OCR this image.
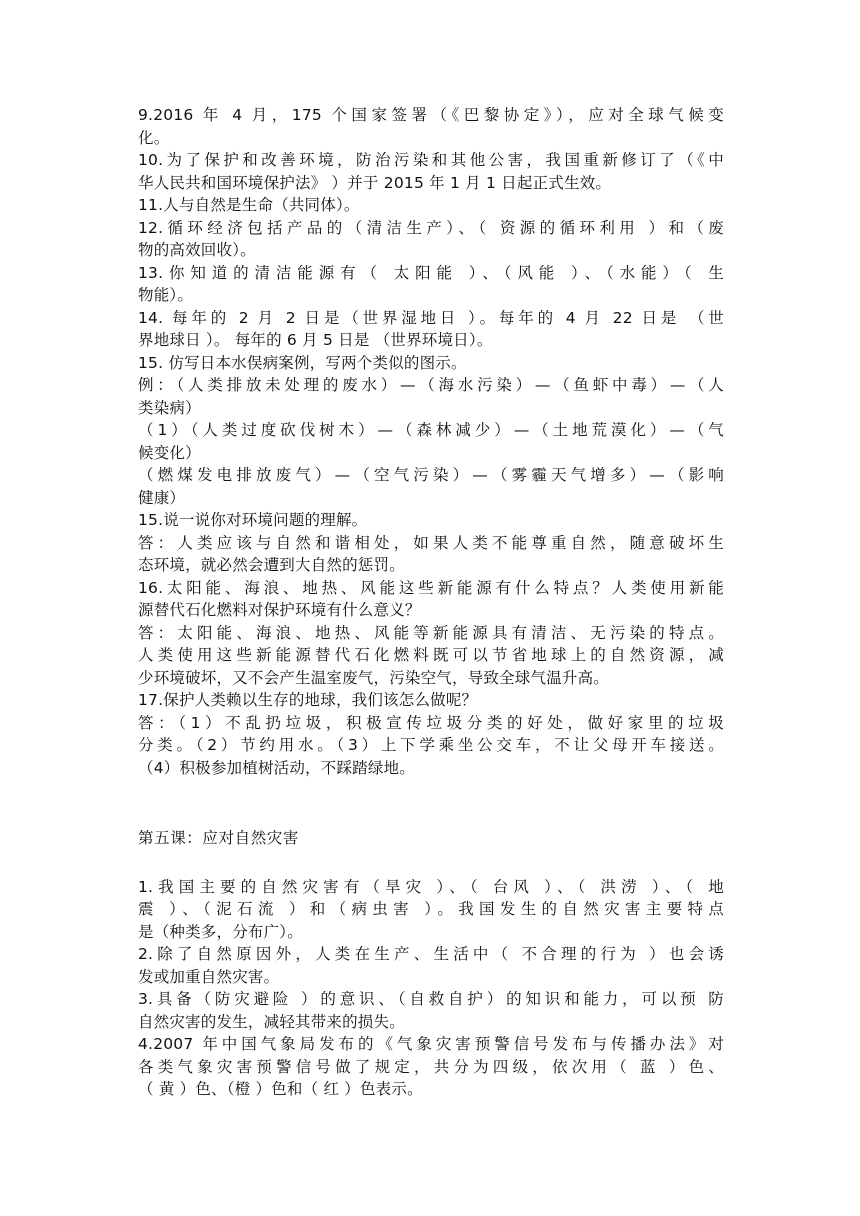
9.2016 年 4 月，175 个国家签署（《巴黎协定》），应对全球气候变
化。
10.为了保护和改善环境，防治污染和其他公害，我国重新修订了（《中
华人民共和国环境保护法》 ）并于 2015 年 1 月 1 日起正式生效。
11.人与自然是生命（共同体）。
12.循环经济包括产品的（清洁生产）、（ 资源的循环利用 ）和（废
物的高效回收）。
13.你知道的清洁能源有（ 太阳能 ）、（风能 ）、（水能）（ 生
物能）。
14. 每年的 2 月 2 日是（世界湿地日 ）。每年的 4 月 22 日是 （世
界地球日 ）。 每年的 6 月 5 日是 （世界环境日）。
15. 仿写日本水俣病案例，写两个类似的图示。
例：（人类排放未处理的废水）—（海水污染）—（鱼虾中毒）—（人
类染病）
（1）（人类过度砍伐树木）—（森林减少）—（土地荒漠化）—（气
候变化）
（燃煤发电排放废气）—（空气污染）—（雾霾天气增多）—（影响
健康）
15.说一说你对环境问题的理解。
答：人类应该与自然和谐相处，如果人类不能尊重自然，随意破坏生
态环境，就必然会遭到大自然的惩罚。
16.太阳能、海浪、地热、风能这些新能源有什么特点？人类使用新能
源替代石化燃料对保护环境有什么意义？
答：太阳能、海浪、地热、风能等新能源具有清洁、无污染的特点。
人类使用这些新能源替代石化燃料既可以节省地球上的自然资源，减
少环境破坏，又不会产生温室废气，污染空气，导致全球气温升高。
17.保护人类赖以生存的地球，我们该怎么做呢？
答：（1）不乱扔垃圾，积极宣传垃圾分类的好处，做好家里的垃圾
分类。（2）节约用水。（3）上下学乘坐公交车，不让父母开车接送。
（4）积极参加植树活动，不踩踏绿地。
第五课：应对自然灾害
1.我国主要的自然灾害有（旱灾 ）、（ 台风 ）、（ 洪涝 ）、（ 地
震 ）、（泥石流 ）和（病虫害 ）。我国发生的自然灾害主要特点
是（种类多，分布广）。
2.除了自然原因外，人类在生产、生活中（ 不合理的行为 ）也会诱
发或加重自然灾害。
3.具备（防灾避险 ）的意识、（自救自护）的知识和能力，可以预 防
自然灾害的发生，减轻其带来的损失。
4.2007 年中国气象局发布的《气象灾害预警信号发布与传播办法》对
各类气象灾害预警信号做了规定，共分为四级，依次用（ 蓝 ）色、
（ 黄 ）色、（橙 ）色和（ 红 ）色表示。
